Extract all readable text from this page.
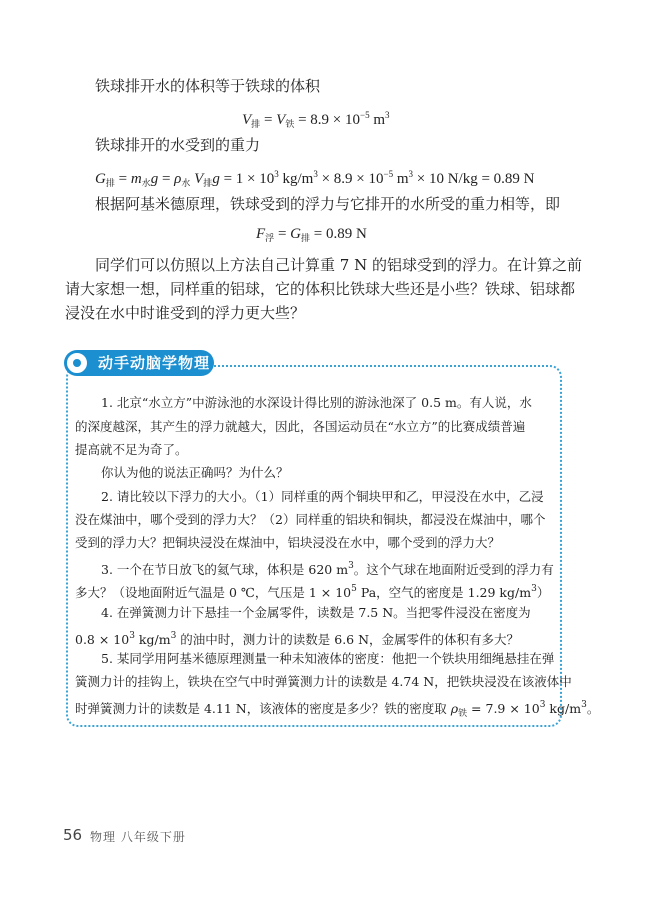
铁球排开水的体积等于铁球的体积
$V_排 = V_铁 = 8.9 \times 10^{-5}$ $m^3$
铁球排开的水受到的重力
$G_排 = m_水g = \rho_水$ $V_排g = 1 \times 10^3$ $kg/m^3 \times 8.9 \times 10^{-5}$ $m^3 \times 10$ N/kg = 0.89 N
根据阿基米德原理，铁球受到的浮力与它排开的水所受的重力相等，即
$F_浮 = G_排 = 0.89$ N
同学们可以仿照以上方法自己计算重 7 N 的铝球受到的浮力。在计算之前
请大家想一想，同样重的铝球，它的体积比铁球大些还是小些？铁球、铝球都
浸没在水中时谁受到的浮力更大些？
动手动脑学物理
1. 北京“水立方”中游泳池的水深设计得比别的游泳池深了 0.5 m。有人说，水
的深度越深，其产生的浮力就越大，因此，各国运动员在“水立方”的比赛成绩普遍
提高就不足为奇了。
你认为他的说法正确吗？为什么？
2. 请比较以下浮力的大小。（1）同样重的两个铜块甲和乙，甲浸没在水中，乙浸
没在煤油中，哪个受到的浮力大？（2）同样重的铝块和铜块，都浸没在煤油中，哪个
受到的浮力大？把铜块浸没在煤油中，铝块浸没在水中，哪个受到的浮力大？
3. 一个在节日放飞的氦气球，体积是 620 $m^3$。这个气球在地面附近受到的浮力有
多大？（设地面附近气温是 0 ℃，气压是 $1 \times 10^5$ Pa，空气的密度是 1.29 $kg/m^3$）
4. 在弹簧测力计下悬挂一个金属零件，读数是 7.5 N。当把零件浸没在密度为
$0.8 \times 10^3$ $kg/m^3$ 的油中时，测力计的读数是 6.6 N，金属零件的体积有多大？
5. 某同学用阿基米德原理测量一种未知液体的密度：他把一个铁块用细绳悬挂在弹
簧测力计的挂钩上，铁块在空气中时弹簧测力计的读数是 4.74 N，把铁块浸没在该液体中
时弹簧测力计的读数是 4.11 N，该液体的密度是多少？铁的密度取 $\rho_铁 = 7.9 \times 10^3$ $kg/m^3$。
56 物理 八年级下册
